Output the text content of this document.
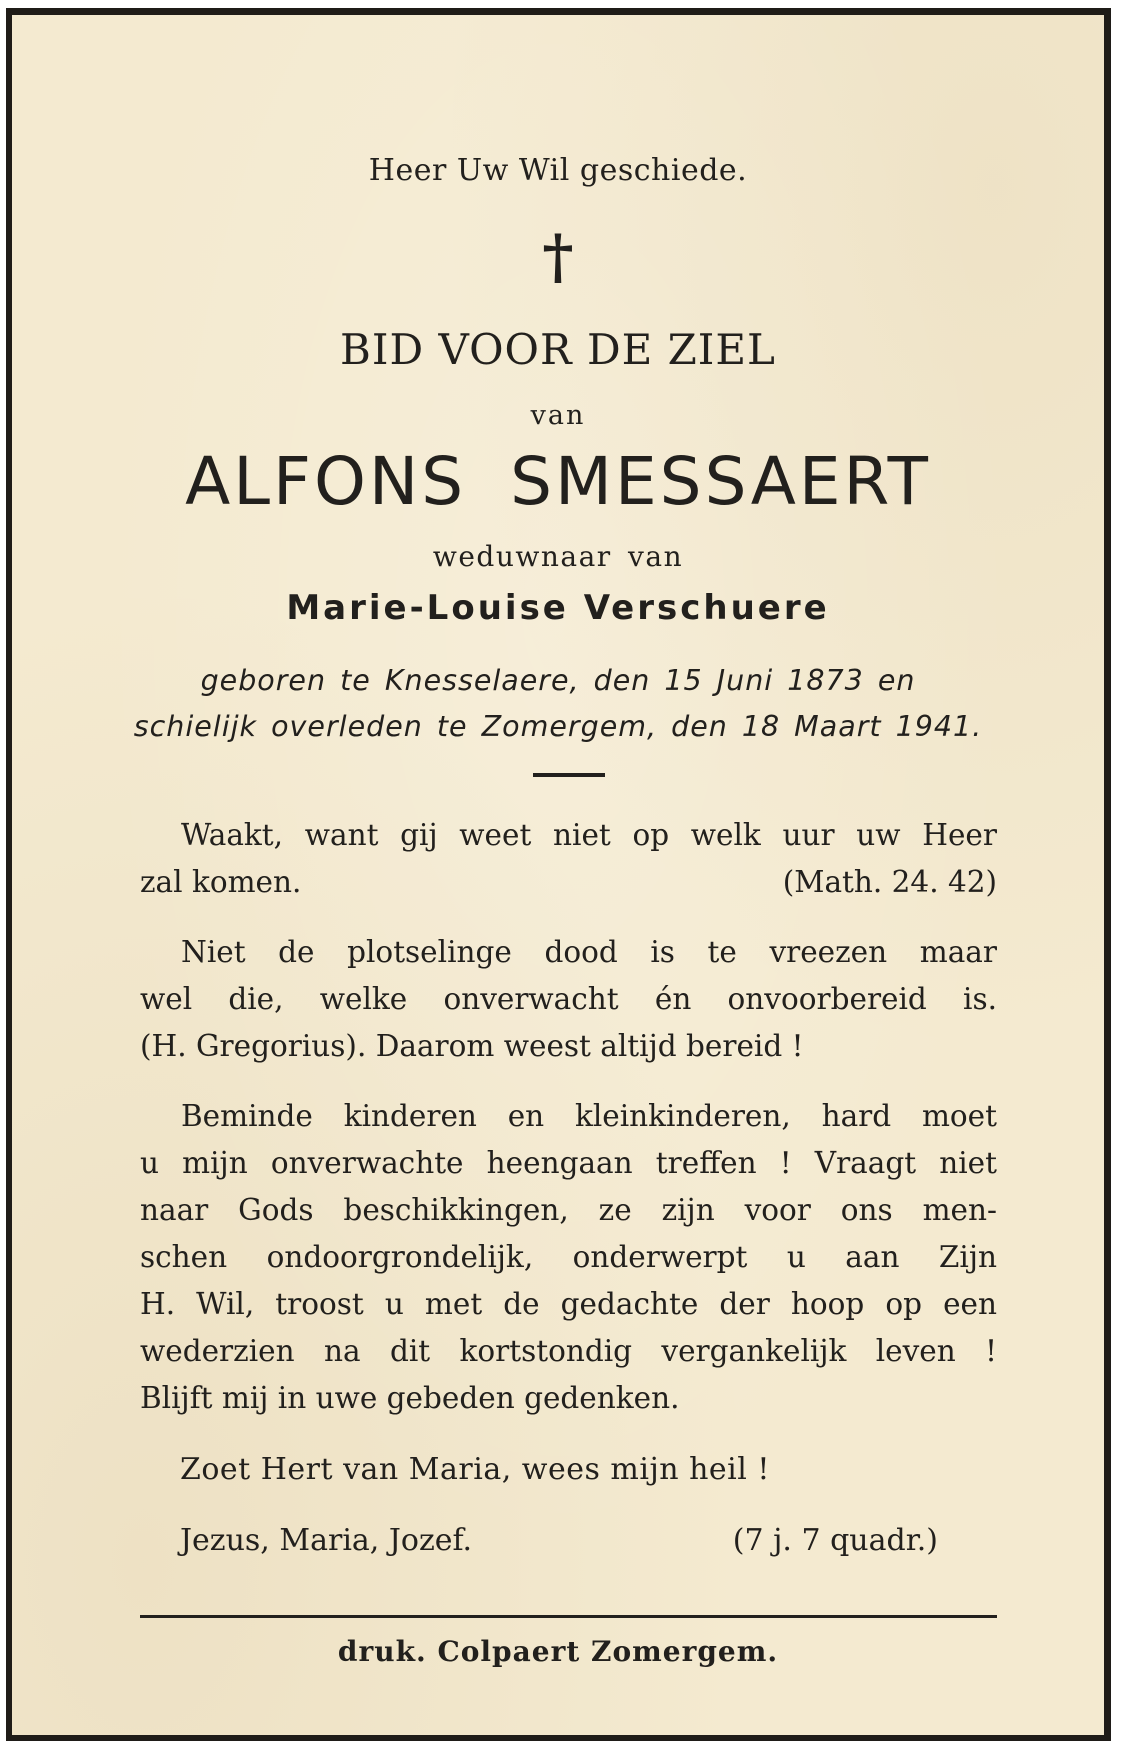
Heer Uw Wil geschiede.
†
BID VOOR DE ZIEL
van
ALFONS SMESSAERT
weduwnaar van
Marie-Louise Verschuere
geboren te Knesselaere, den 15 Juni 1873 en
schielijk overleden te Zomergem, den 18 Maart 1941.
Waakt, want gij weet niet op welk uur uw Heer
zal komen.	(Math. 24. 42)
Niet de plotselinge dood is te vreezen maar
wel die, welke onverwacht én onvoorbereid is.
(H. Gregorius). Daarom weest altijd bereid !
Beminde kinderen en kleinkinderen, hard moet
u mijn onverwachte heengaan treffen ! Vraagt niet
naar Gods beschikkingen, ze zijn voor ons men-
schen ondoorgrondelijk, onderwerpt u aan Zijn
H. Wil, troost u met de gedachte der hoop op een
wederzien na dit kortstondig vergankelijk leven !
Blijft mij in uwe gebeden gedenken.
Zoet Hert van Maria, wees mijn heil !
Jezus, Maria, Jozef.	(7 j. 7 quadr.)
druk. Colpaert Zomergem.
